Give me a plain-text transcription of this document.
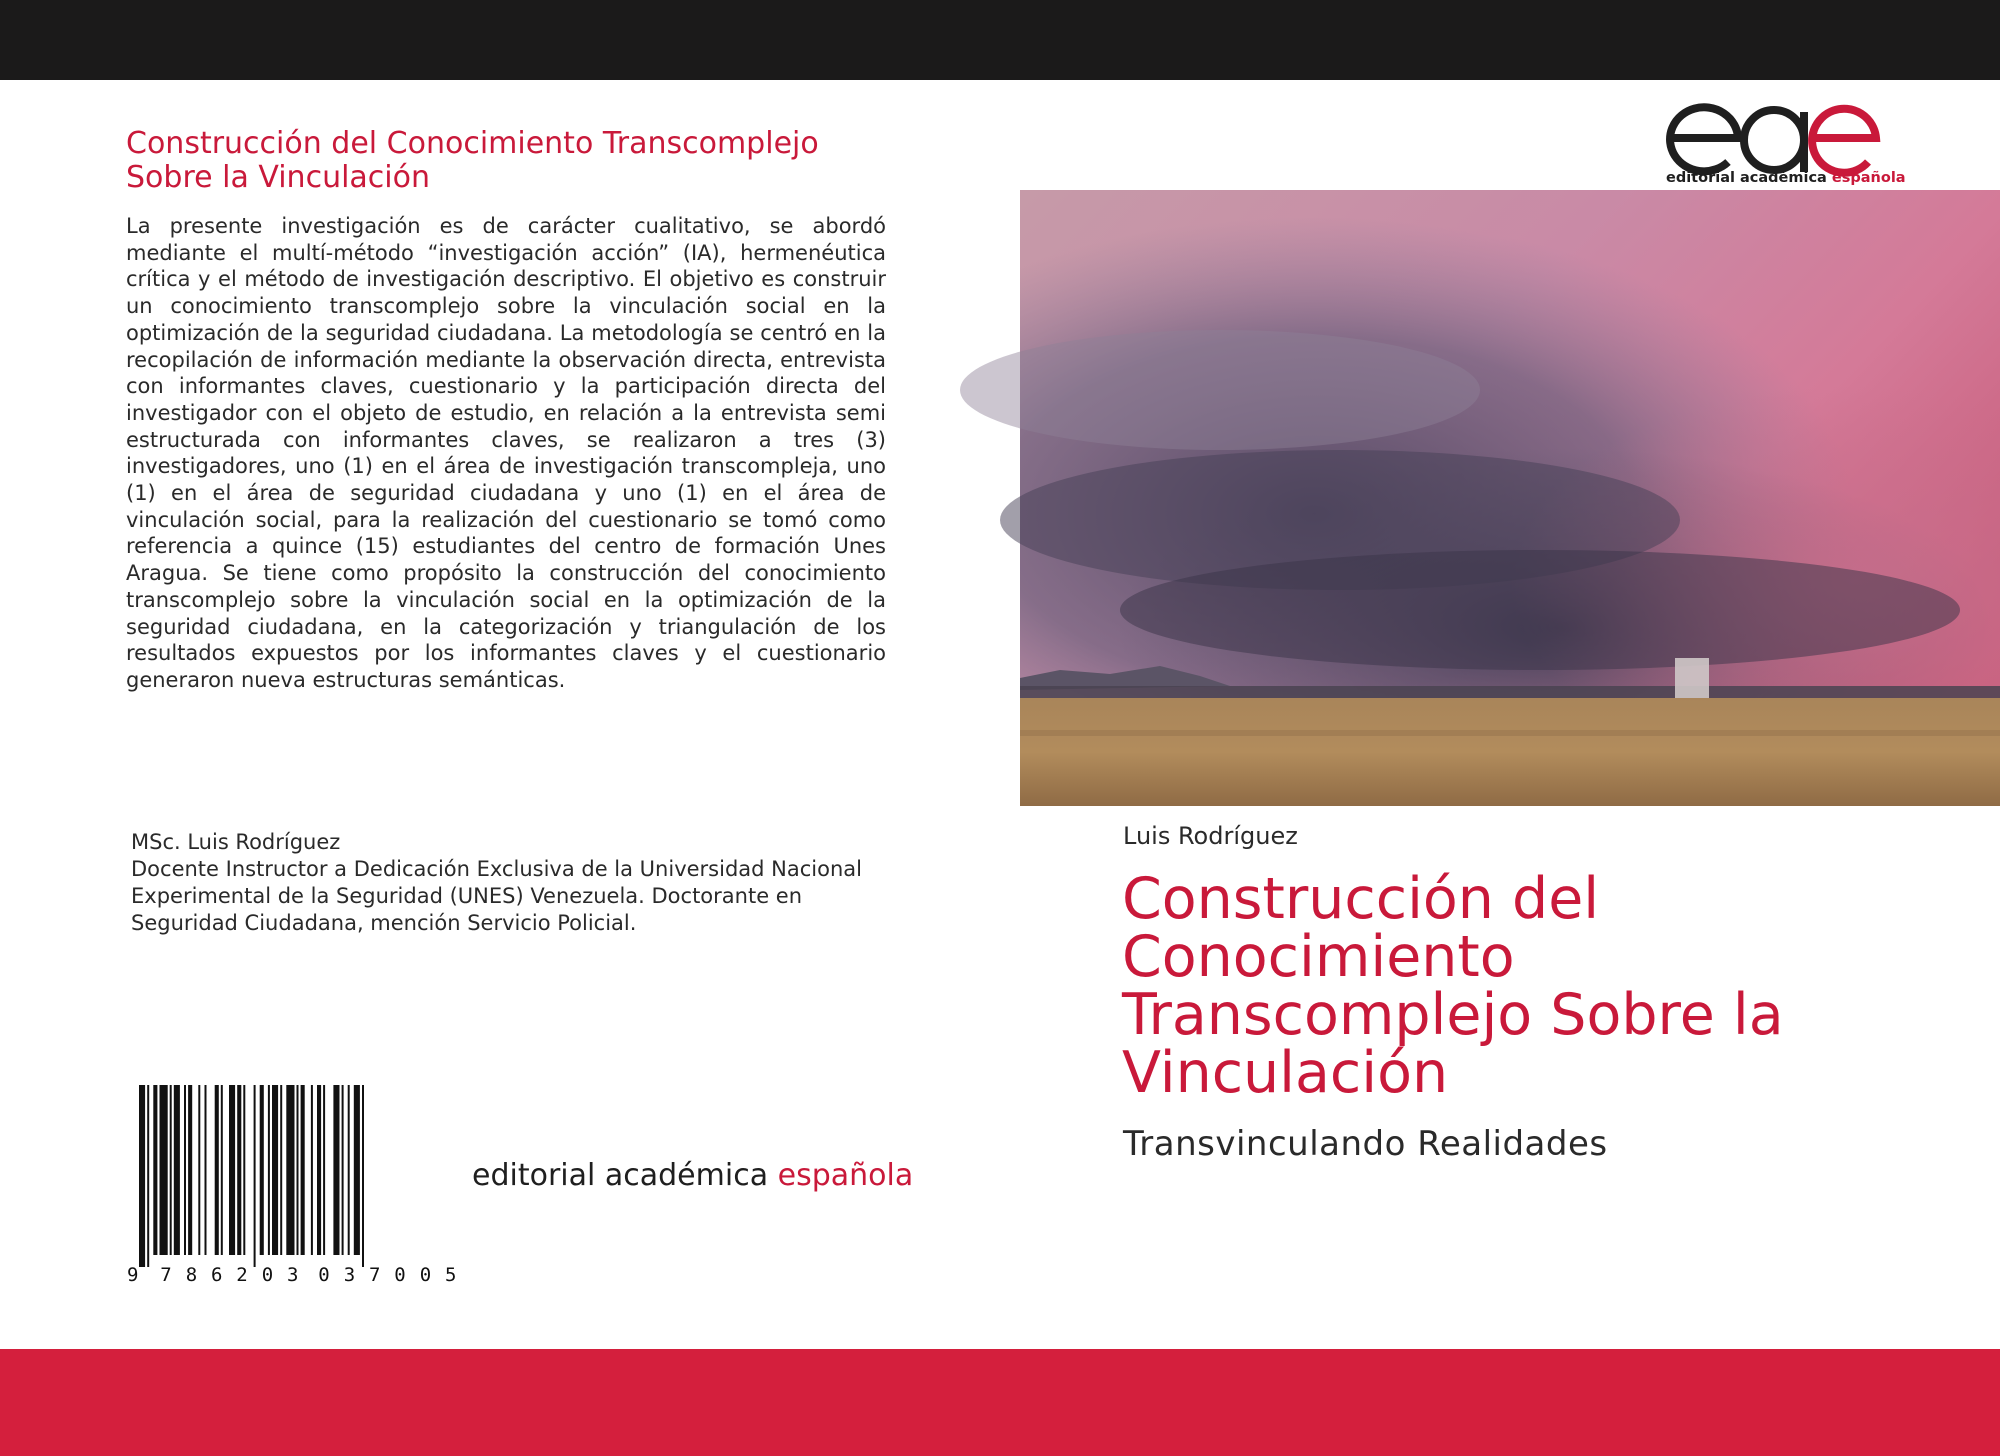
Construcción del Conocimiento Transcomplejo Sobre la Vinculación
La presente investigación es de carácter cualitativo, se abordó mediante el multí-método “investigación acción” (IA), hermenéutica crítica y el método de investigación descriptivo. El objetivo es construir un conocimiento transcomplejo sobre la vinculación social en la optimización de la seguridad ciudadana. La metodología se centró en la recopilación de información mediante la observación directa, entrevista con informantes claves, cuestionario y la participación directa del investigador con el objeto de estudio, en relación a la entrevista semi estructurada con informantes claves, se realizaron a tres (3) investigadores, uno (1) en el área de investigación transcompleja, uno (1) en el área de seguridad ciudadana y uno (1) en el área de vinculación social, para la realización del cuestionario se tomó como referencia a quince (15) estudiantes del centro de formación Unes Aragua. Se tiene como propósito la construcción del conocimiento transcomplejo sobre la vinculación social en la optimización de la seguridad ciudadana, en la categorización y triangulación de los resultados expuestos por los informantes claves y el cuestionario generaron nueva estructuras semánticas.
MSc. Luis Rodríguez
Docente Instructor a Dedicación Exclusiva de la Universidad Nacional
Experimental de la Seguridad (UNES) Venezuela. Doctorante en
Seguridad Ciudadana, mención Servicio Policial.
9 7 8 6 2 0 3 0 3 7 0 0 5
editorial académica española
editorial académica española
Luis Rodríguez
Construcción del
Conocimiento
Transcomplejo Sobre la
Vinculación
Transvinculando Realidades
